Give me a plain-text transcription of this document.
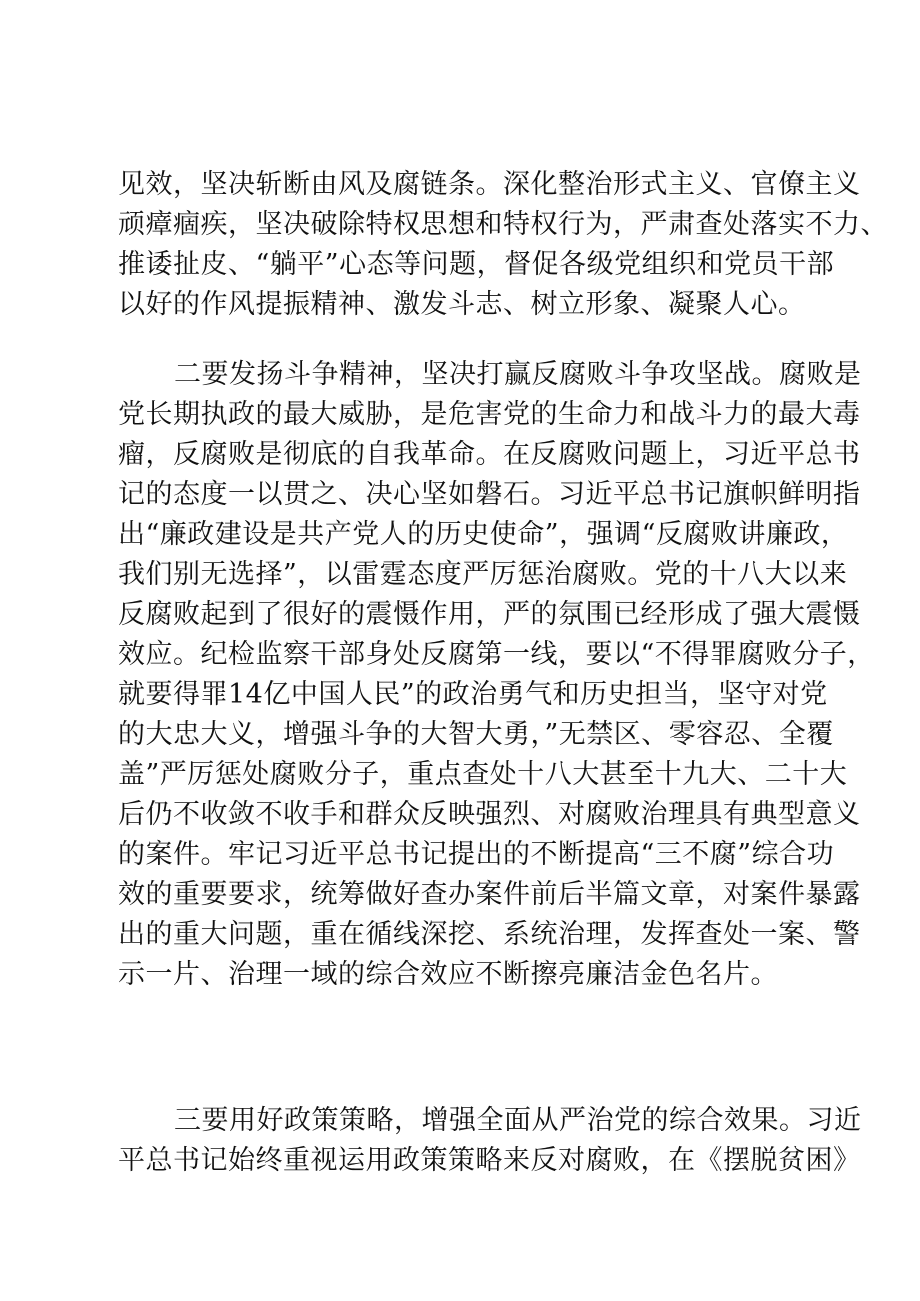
见效，坚决斩断由风及腐链条。深化整治形式主义、官僚主义
顽瘴痼疾，坚决破除特权思想和特权行为，严肃查处落实不力、
推诿扯皮、“躺平”心态等问题，督促各级党组织和党员干部
以好的作风提振精神、激发斗志、树立形象、凝聚人心。
二要发扬斗争精神，坚决打赢反腐败斗争攻坚战。腐败是
党长期执政的最大威胁，是危害党的生命力和战斗力的最大毒
瘤，反腐败是彻底的自我革命。在反腐败问题上，习近平总书
记的态度一以贯之、决心坚如磐石。习近平总书记旗帜鲜明指
出“廉政建设是共产党人的历史使命”，强调“反腐败讲廉政，
我们别无选择”，以雷霆态度严厉惩治腐败。党的十八大以来
反腐败起到了很好的震慑作用，严的氛围已经形成了强大震慑
效应。纪检监察干部身处反腐第一线，要以“不得罪腐败分子，
就要得罪14亿中国人民”的政治勇气和历史担当，坚守对党
的大忠大义，增强斗争的大智大勇，”无禁区、零容忍、全覆
盖”严厉惩处腐败分子，重点查处十八大甚至十九大、二十大
后仍不收敛不收手和群众反映强烈、对腐败治理具有典型意义
的案件。牢记习近平总书记提出的不断提高“三不腐”综合功
效的重要要求，统筹做好查办案件前后半篇文章，对案件暴露
出的重大问题，重在循线深挖、系统治理，发挥查处一案、警
示一片、治理一域的综合效应不断擦亮廉洁金色名片。
三要用好政策策略，增强全面从严治党的综合效果。习近
平总书记始终重视运用政策策略来反对腐败，在《摆脱贫困》
